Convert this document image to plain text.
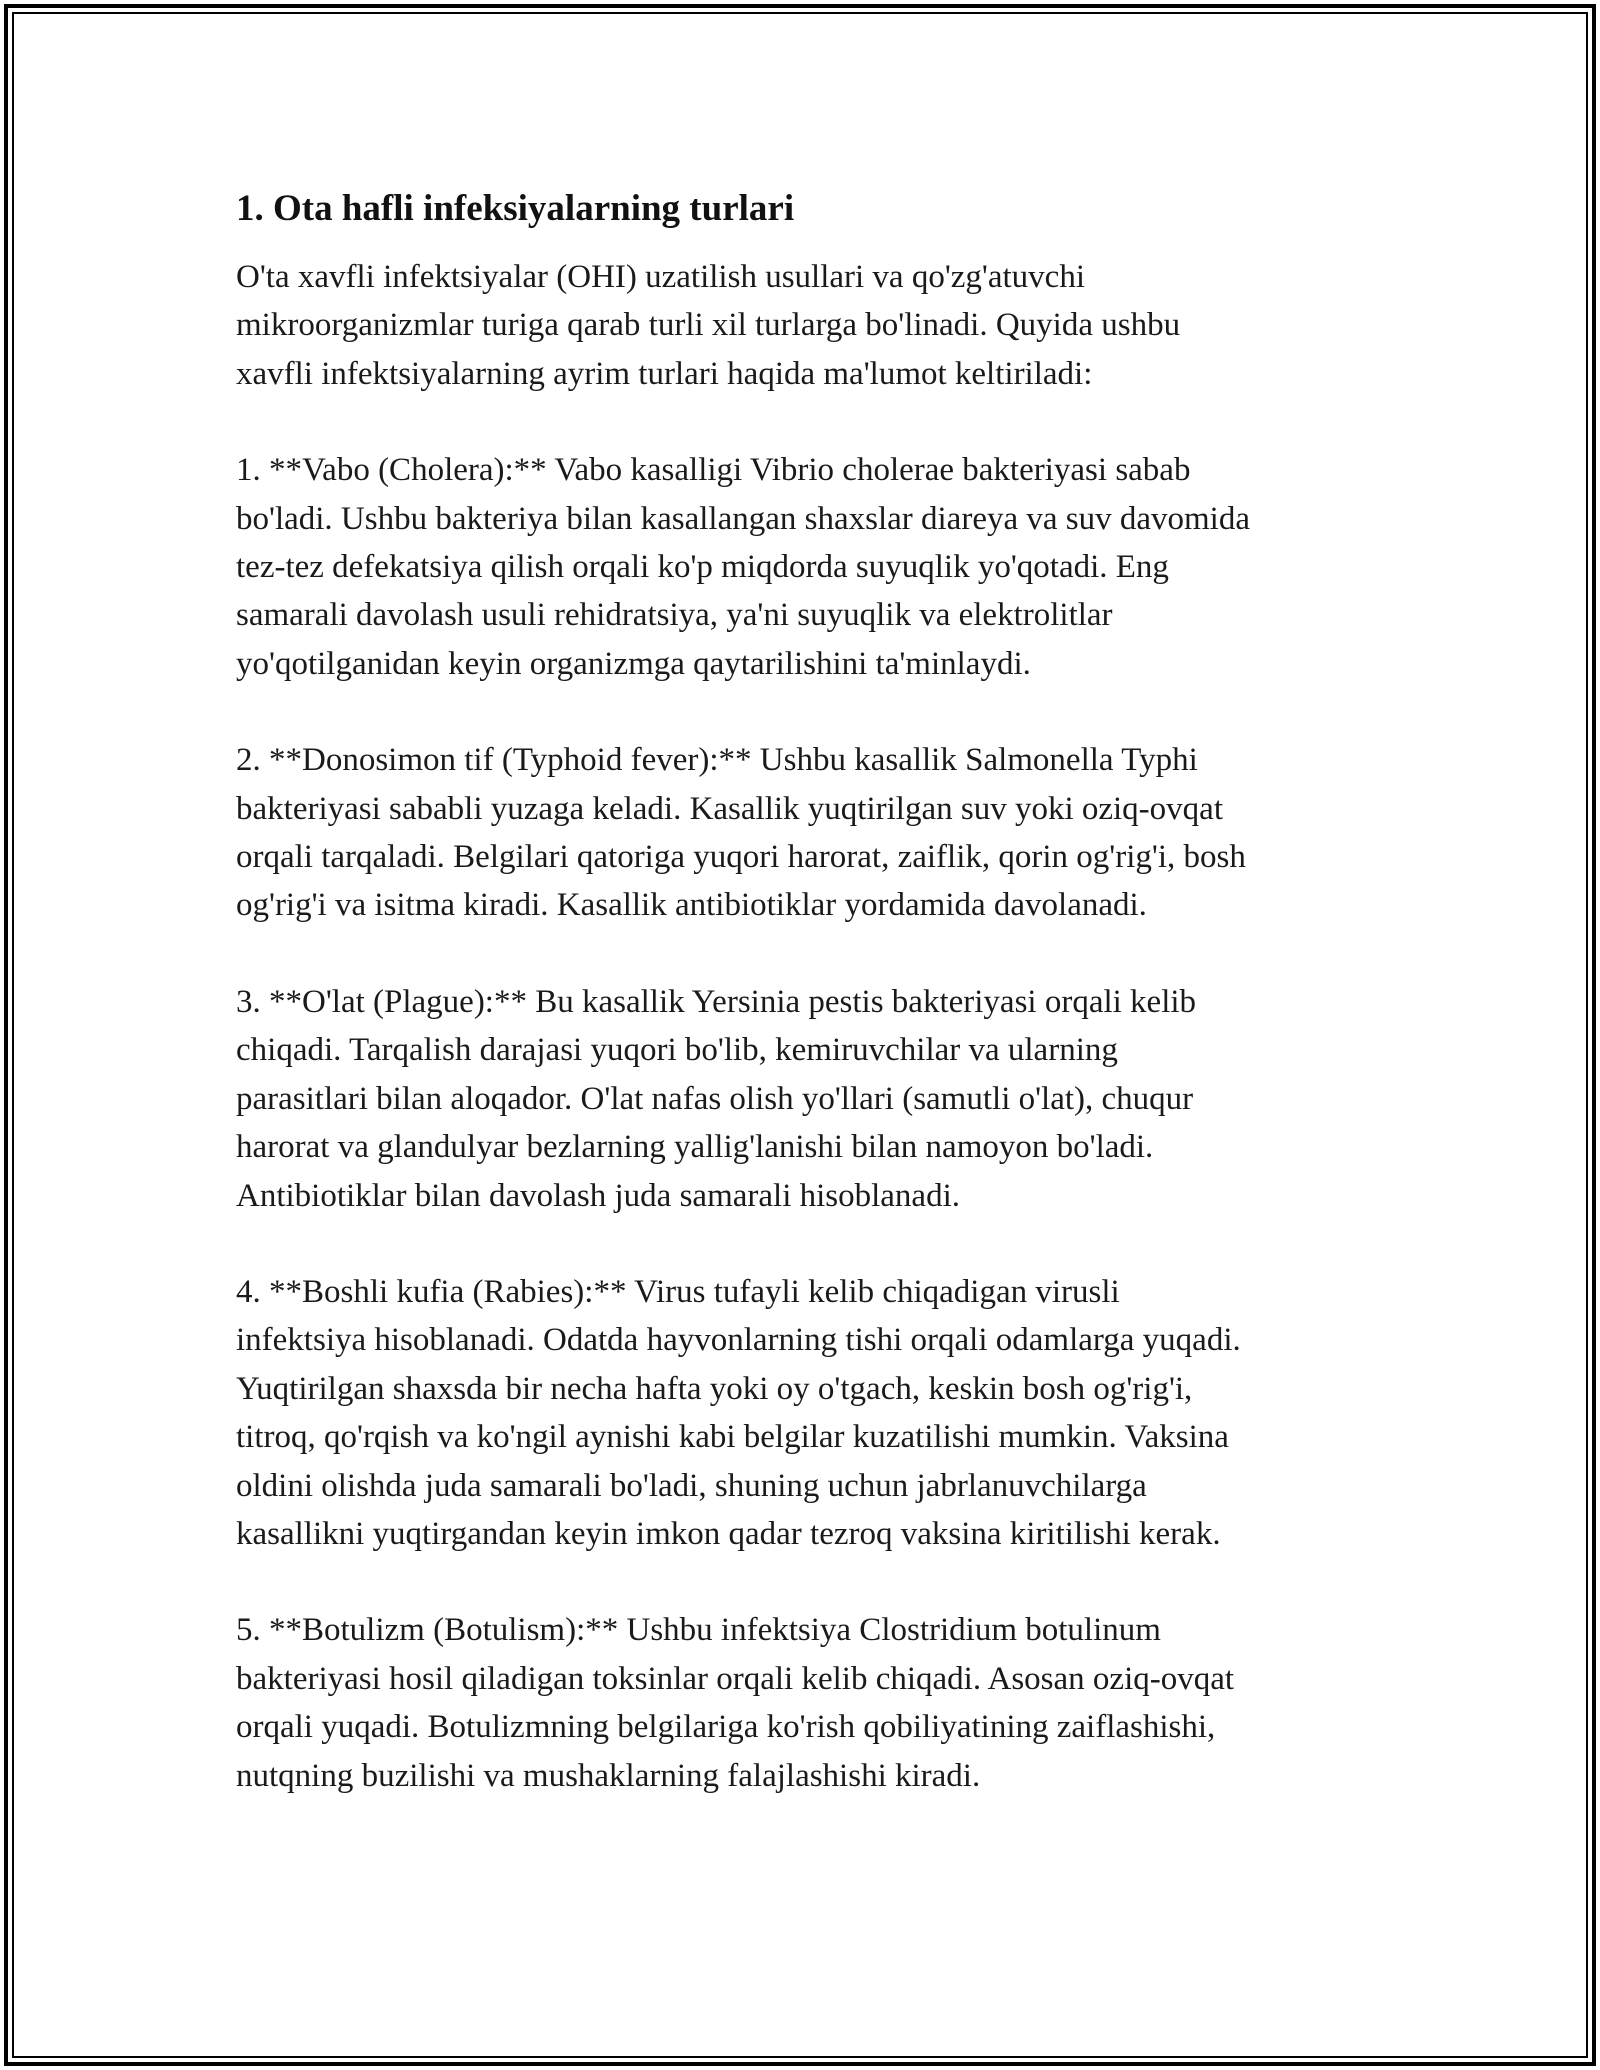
1. Ota hafli infeksiyalarning turlari

O'ta xavfli infektsiyalar (OHI) uzatilish usullari va qo'zg'atuvchi
mikroorganizmlar turiga qarab turli xil turlarga bo'linadi. Quyida ushbu
xavfli infektsiyalarning ayrim turlari haqida ma'lumot keltiriladi:

1. **Vabo (Cholera):** Vabo kasalligi Vibrio cholerae bakteriyasi sabab
bo'ladi. Ushbu bakteriya bilan kasallangan shaxslar diareya va suv davomida
tez-tez defekatsiya qilish orqali ko'p miqdorda suyuqlik yo'qotadi. Eng
samarali davolash usuli rehidratsiya, ya'ni suyuqlik va elektrolitlar
yo'qotilganidan keyin organizmga qaytarilishini ta'minlaydi.

2. **Donosimon tif (Typhoid fever):** Ushbu kasallik Salmonella Typhi
bakteriyasi sababli yuzaga keladi. Kasallik yuqtirilgan suv yoki oziq-ovqat
orqali tarqaladi. Belgilari qatoriga yuqori harorat, zaiflik, qorin og'rig'i, bosh
og'rig'i va isitma kiradi. Kasallik antibiotiklar yordamida davolanadi.

3. **O'lat (Plague):** Bu kasallik Yersinia pestis bakteriyasi orqali kelib
chiqadi. Tarqalish darajasi yuqori bo'lib, kemiruvchilar va ularning
parasitlari bilan aloqador. O'lat nafas olish yo'llari (samutli o'lat), chuqur
harorat va glandulyar bezlarning yallig'lanishi bilan namoyon bo'ladi.
Antibiotiklar bilan davolash juda samarali hisoblanadi.

4. **Boshli kufia (Rabies):** Virus tufayli kelib chiqadigan virusli
infektsiya hisoblanadi. Odatda hayvonlarning tishi orqali odamlarga yuqadi.
Yuqtirilgan shaxsda bir necha hafta yoki oy o'tgach, keskin bosh og'rig'i,
titroq, qo'rqish va ko'ngil aynishi kabi belgilar kuzatilishi mumkin. Vaksina
oldini olishda juda samarali bo'ladi, shuning uchun jabrlanuvchilarga
kasallikni yuqtirgandan keyin imkon qadar tezroq vaksina kiritilishi kerak.

5. **Botulizm (Botulism):** Ushbu infektsiya Clostridium botulinum
bakteriyasi hosil qiladigan toksinlar orqali kelib chiqadi. Asosan oziq-ovqat
orqali yuqadi. Botulizmning belgilariga ko'rish qobiliyatining zaiflashishi,
nutqning buzilishi va mushaklarning falajlashishi kiradi.
